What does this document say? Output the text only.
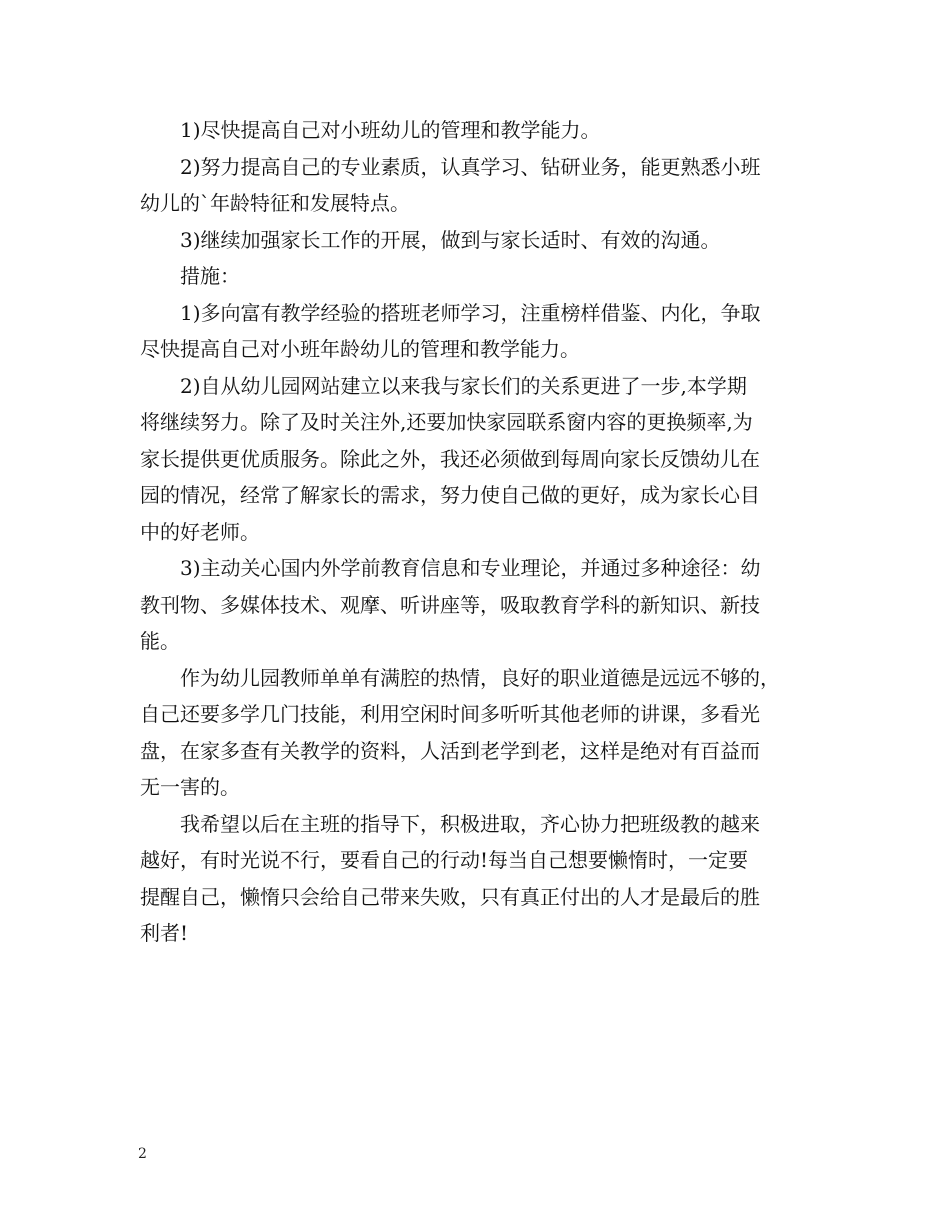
1)尽快提高自己对小班幼儿的管理和教学能力。
2)努力提高自己的专业素质，认真学习、钻研业务，能更熟悉小班
幼儿的`年龄特征和发展特点。
3)继续加强家长工作的开展，做到与家长适时、有效的沟通。
措施：
1)多向富有教学经验的搭班老师学习，注重榜样借鉴、内化，争取
尽快提高自己对小班年龄幼儿的管理和教学能力。
2)自从幼儿园网站建立以来我与家长们的关系更进了一步,本学期
将继续努力。除了及时关注外,还要加快家园联系窗内容的更换频率,为
家长提供更优质服务。除此之外，我还必须做到每周向家长反馈幼儿在
园的情况，经常了解家长的需求，努力使自己做的更好，成为家长心目
中的好老师。
3)主动关心国内外学前教育信息和专业理论，并通过多种途径：幼
教刊物、多媒体技术、观摩、听讲座等，吸取教育学科的新知识、新技
能。
作为幼儿园教师单单有满腔的热情，良好的职业道德是远远不够的，
自己还要多学几门技能，利用空闲时间多听听其他老师的讲课，多看光
盘，在家多查有关教学的资料，人活到老学到老，这样是绝对有百益而
无一害的。
我希望以后在主班的指导下，积极进取，齐心协力把班级教的越来
越好，有时光说不行，要看自己的行动!每当自己想要懒惰时，一定要
提醒自己，懒惰只会给自己带来失败，只有真正付出的人才是最后的胜
利者!
2
